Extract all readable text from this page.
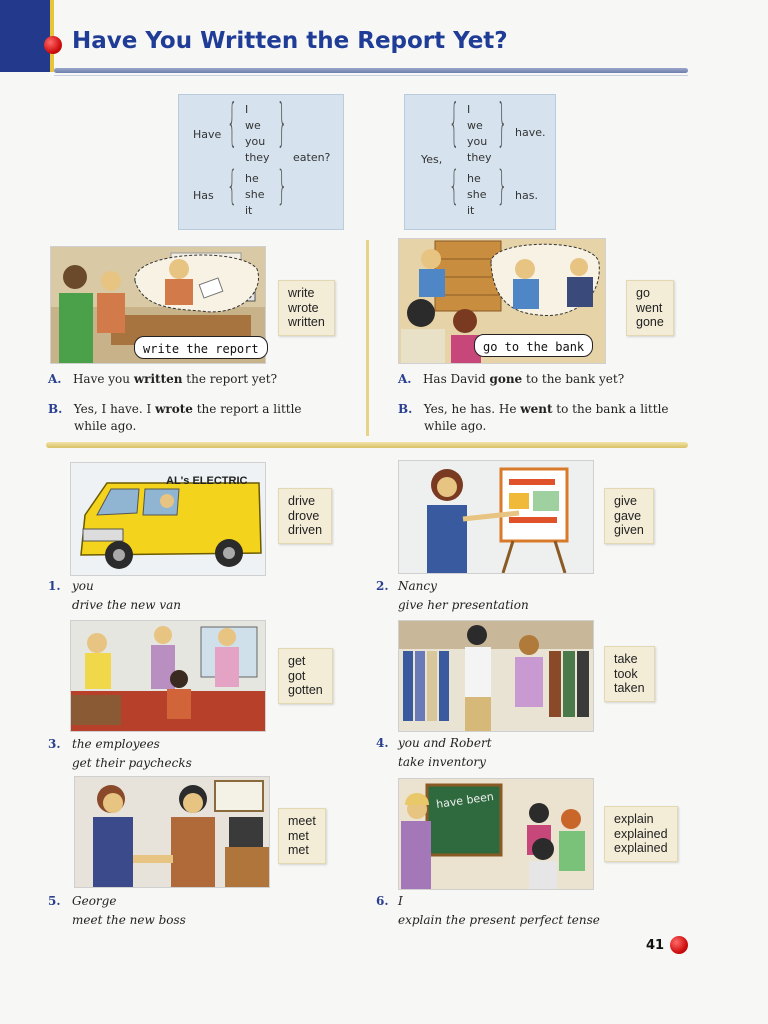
Have You Written the Report Yet?
Have { I
we
you
they
}
eaten?
Has { he
she
it
}
Yes,
{ I
we
you
they
} have.
{ he
she
it
} has.
write the report
write
wrote
written
A. Have you written the report yet?
B. Yes, I have. I wrote the report a little
while ago.
go to the bank
go
went
gone
A. Has David gone to the bank yet?
B. Yes, he has. He went to the bank a little
while ago.
AL's ELECTRIC
drive
drove
driven
1. you
drive the new van
give
gave
given
2. Nancy
give her presentation
get
got
gotten
3. the employees
get their paychecks
take
took
taken
4. you and Robert
take inventory
meet
met
met
5. George
meet the new boss
have been
explain
explained
explained
6. I
explain the present perfect tense
41
